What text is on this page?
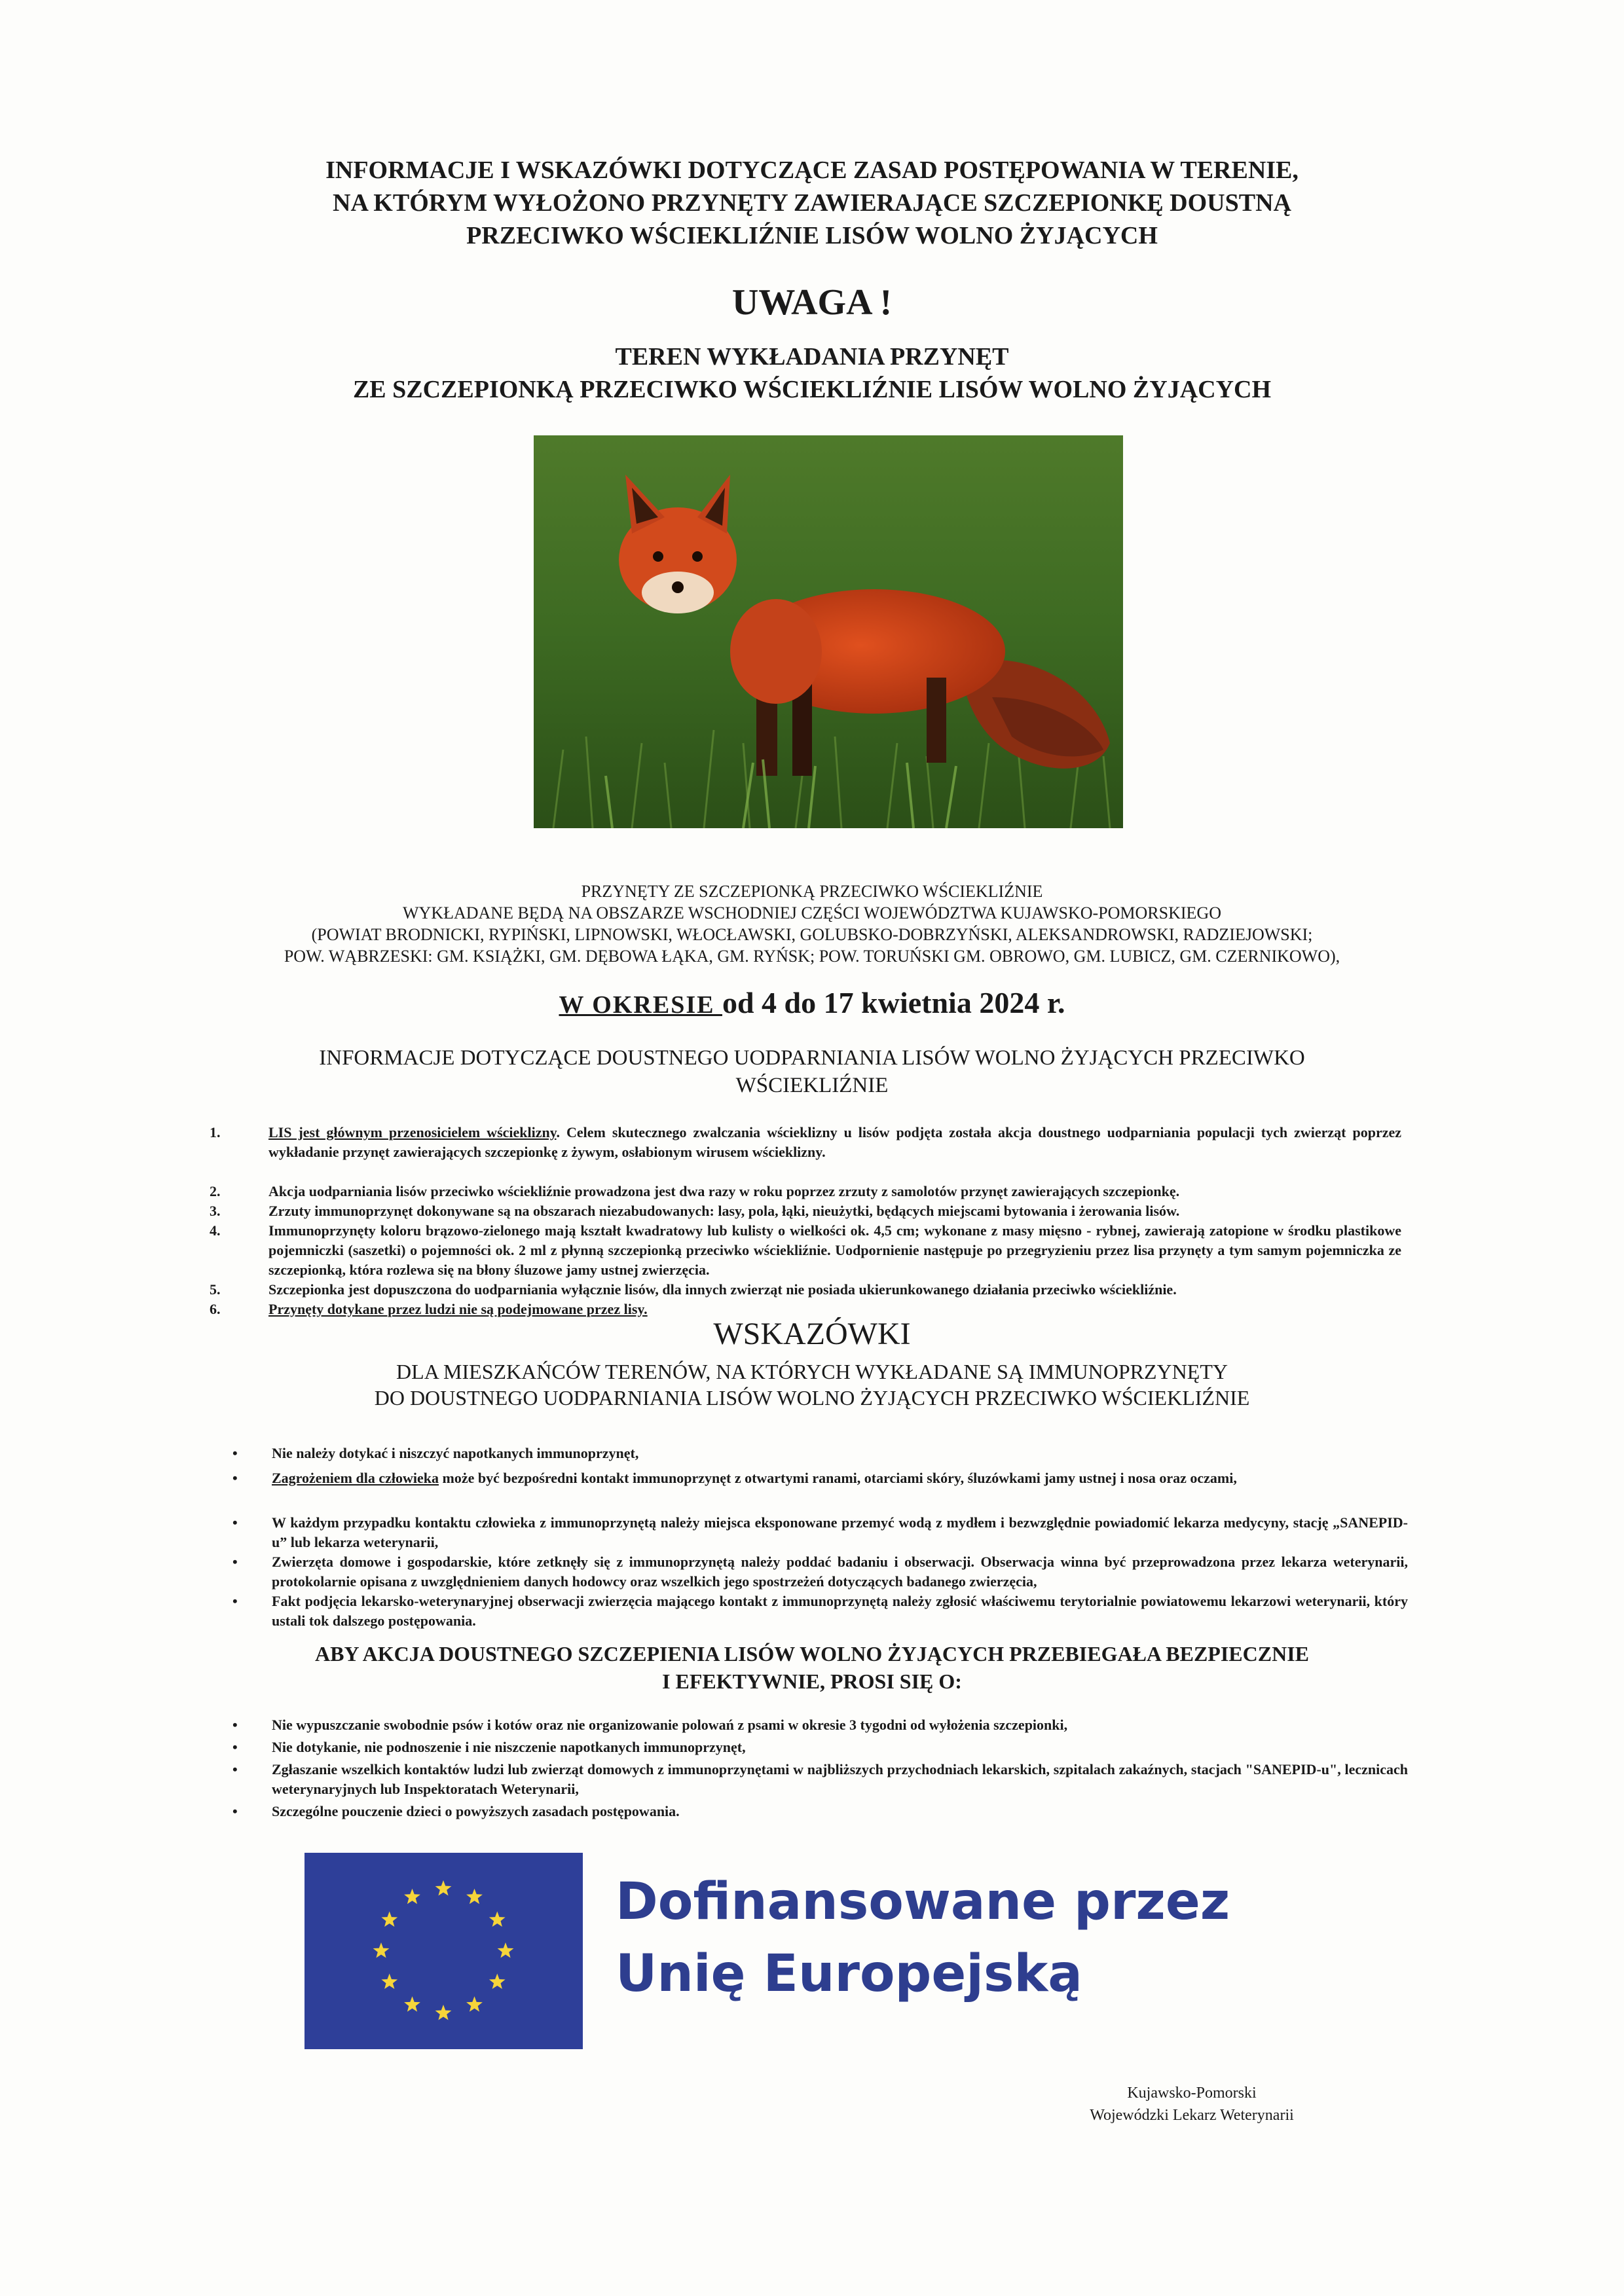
INFORMACJE I WSKAZÓWKI DOTYCZĄCE ZASAD POSTĘPOWANIA W TERENIE,
NA KTÓRYM WYŁOŻONO PRZYNĘTY ZAWIERAJĄCE SZCZEPIONKĘ DOUSTNĄ
PRZECIWKO WŚCIEKLIŹNIE LISÓW WOLNO ŻYJĄCYCH
UWAGA !
TEREN WYKŁADANIA PRZYNĘT
ZE SZCZEPIONKĄ PRZECIWKO WŚCIEKLIŹNIE LISÓW WOLNO ŻYJĄCYCH
PRZYNĘTY ZE SZCZEPIONKĄ PRZECIWKO WŚCIEKLIŹNIE
WYKŁADANE BĘDĄ NA OBSZARZE WSCHODNIEJ CZĘŚCI WOJEWÓDZTWA KUJAWSKO-POMORSKIEGO
(POWIAT BRODNICKI, RYPIŃSKI, LIPNOWSKI, WŁOCŁAWSKI, GOLUBSKO-DOBRZYŃSKI, ALEKSANDROWSKI, RADZIEJOWSKI;
POW. WĄBRZESKI: GM. KSIĄŻKI, GM. DĘBOWA ŁĄKA, GM. RYŃSK; POW. TORUŃSKI GM. OBROWO, GM. LUBICZ, GM. CZERNIKOWO),
W OKRESIE od 4 do 17 kwietnia 2024 r.
INFORMACJE DOTYCZĄCE DOUSTNEGO UODPARNIANIA LISÓW WOLNO ŻYJĄCYCH PRZECIWKO
WŚCIEKLIŹNIE
1.	LIS jest głównym przenosicielem wścieklizny. Celem skutecznego zwalczania wścieklizny u lisów podjęta została akcja doustnego uodparniania populacji tych zwierząt poprzez wykładanie przynęt zawierających szczepionkę z żywym, osłabionym wirusem wścieklizny.
2.	Akcja uodparniania lisów przeciwko wściekliźnie prowadzona jest dwa razy w roku poprzez zrzuty z samolotów przynęt zawierających szczepionkę.
3.	Zrzuty immunoprzynęt dokonywane są na obszarach niezabudowanych: lasy, pola, łąki, nieużytki, będących miejscami bytowania i żerowania lisów.
4.	Immunoprzynęty koloru brązowo-zielonego mają kształt kwadratowy lub kulisty o wielkości ok. 4,5 cm; wykonane z masy mięsno - rybnej, zawierają zatopione w środku plastikowe pojemniczki (saszetki) o pojemności ok. 2 ml z płynną szczepionką przeciwko wściekliźnie. Uodpornienie następuje po przegryzieniu przez lisa przynęty a tym samym pojemniczka ze szczepionką, która rozlewa się na błony śluzowe jamy ustnej zwierzęcia.
5.	Szczepionka jest dopuszczona do uodparniania wyłącznie lisów, dla innych zwierząt nie posiada ukierunkowanego działania przeciwko wściekliźnie.
6.	Przynęty dotykane przez ludzi nie są podejmowane przez lisy.
WSKAZÓWKI
DLA MIESZKAŃCÓW TERENÓW, NA KTÓRYCH WYKŁADANE SĄ IMMUNOPRZYNĘTY
DO DOUSTNEGO UODPARNIANIA LISÓW WOLNO ŻYJĄCYCH PRZECIWKO WŚCIEKLIŹNIE
•	Nie należy dotykać i niszczyć napotkanych immunoprzynęt,
•	Zagrożeniem dla człowieka może być bezpośredni kontakt immunoprzynęt z otwartymi ranami, otarciami skóry, śluzówkami jamy ustnej i nosa oraz oczami,
•	W każdym przypadku kontaktu człowieka z immunoprzynętą należy miejsca eksponowane przemyć wodą z mydłem i bezwzględnie powiadomić lekarza medycyny, stację „SANEPID-u” lub lekarza weterynarii,
•	Zwierzęta domowe i gospodarskie, które zetknęły się z immunoprzynętą należy poddać badaniu i obserwacji. Obserwacja winna być przeprowadzona przez lekarza weterynarii, protokolarnie opisana z uwzględnieniem danych hodowcy oraz wszelkich jego spostrzeżeń dotyczących badanego zwierzęcia,
•	Fakt podjęcia lekarsko-weterynaryjnej obserwacji zwierzęcia mającego kontakt z immunoprzynętą należy zgłosić właściwemu terytorialnie powiatowemu lekarzowi weterynarii, który ustali tok dalszego postępowania.
ABY AKCJA DOUSTNEGO SZCZEPIENIA LISÓW WOLNO ŻYJĄCYCH PRZEBIEGAŁA BEZPIECZNIE
I EFEKTYWNIE, PROSI SIĘ O:
•	Nie wypuszczanie swobodnie psów i kotów oraz nie organizowanie polowań z psami w okresie 3 tygodni od wyłożenia szczepionki,
•	Nie dotykanie, nie podnoszenie i nie niszczenie napotkanych immunoprzynęt,
•	Zgłaszanie wszelkich kontaktów ludzi lub zwierząt domowych z immunoprzynętami w najbliższych przychodniach lekarskich, szpitalach zakaźnych, stacjach "SANEPID-u", lecznicach weterynaryjnych lub Inspektoratach Weterynarii,
•	Szczególne pouczenie dzieci o powyższych zasadach postępowania.
Dofinansowane przez
Unię Europejską
Kujawsko-Pomorski
Wojewódzki Lekarz Weterynarii
